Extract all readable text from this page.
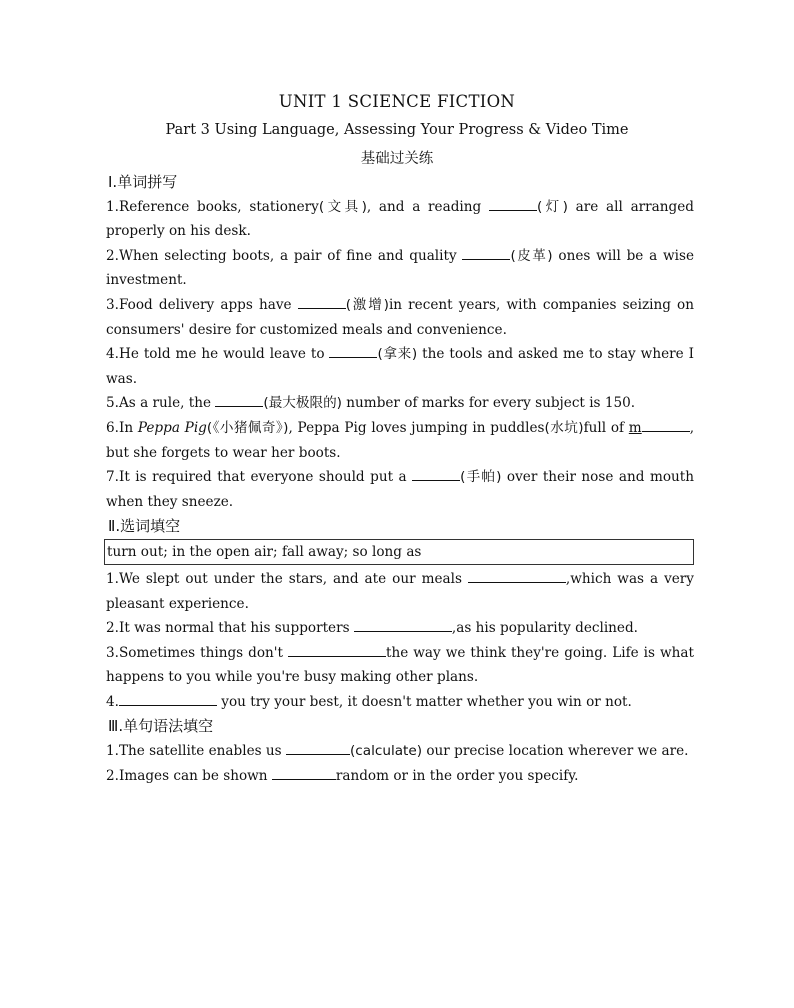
UNIT 1 SCIENCE FICTION
Part 3 Using Language, Assessing Your Progress & Video Time
基础过关练
Ⅰ.单词拼写

1.Reference books, stationery(文具), and a reading	(灯) are all arranged properly on his desk.

2.When selecting boots, a pair of fine and quality	(皮革) ones will be a wise investment.

3.Food delivery apps have	(激增)in recent years, with companies seizing on consumers' desire for customized meals and convenience.

4.He told me he would leave to	(拿来) the tools and asked me to stay where I was.

5.As a rule, the	(最大极限的) number of marks for every subject is 150.

6.In Peppa Pig(《小猪佩奇》), Peppa Pig loves jumping in puddles(水坑)full of m	, but she forgets to wear her boots.

7.It is required that everyone should put a	(手帕) over their nose and mouth when they sneeze.

Ⅱ.选词填空
turn out; in the open air; fall away; so long as

1.We slept out under the stars, and ate our meals	,which was a very pleasant experience.

2.It was normal that his supporters	,as his popularity declined.

3.Sometimes things don't	the way we think they're going. Life is what happens to you while you're busy making other plans.

4.	you try your best, it doesn't matter whether you win or not.

Ⅲ.单句语法填空

1.The satellite enables us	(calculate) our precise location wherever we are.

2.Images can be shown	random or in the order you specify.
